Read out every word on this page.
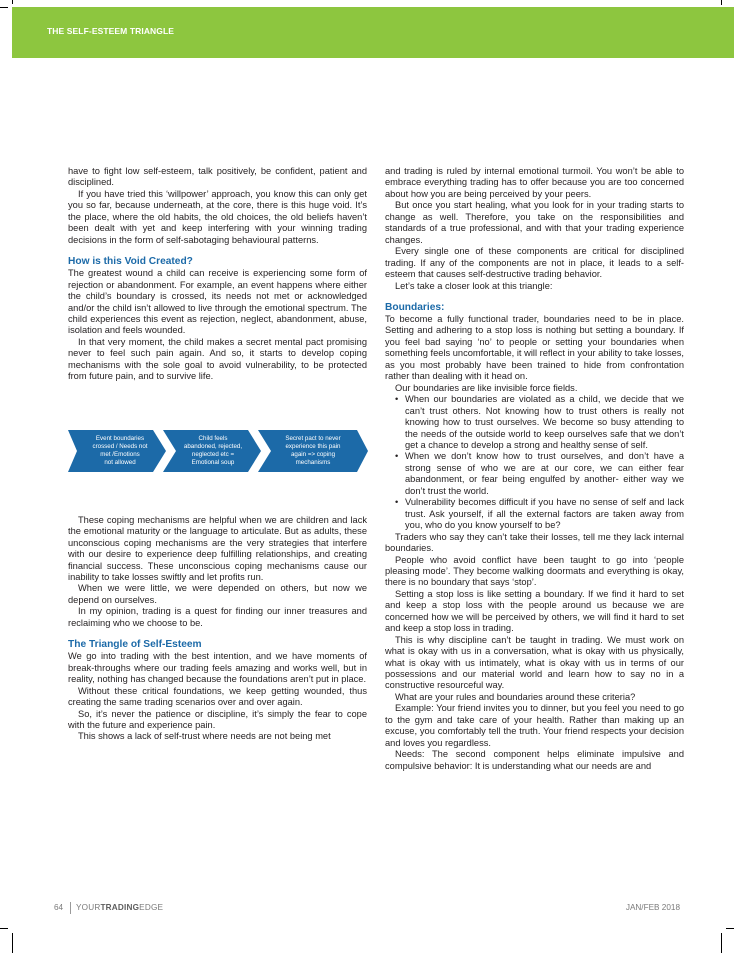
THE SELF-ESTEEM TRIANGLE

have to fight low self-esteem, talk positively, be confident, patient and disciplined.

If you have tried this ‘willpower’ approach, you know this can only get you so far, because underneath, at the core, there is this huge void. It’s the place, where the old habits, the old choices, the old beliefs haven’t been dealt with yet and keep interfering with your winning trading decisions in the form of self-sabotaging behavioural patterns.

How is this Void Created?

The greatest wound a child can receive is experiencing some form of rejection or abandonment. For example, an event happens where either the child’s boundary is crossed, its needs not met or acknowledged and/or the child isn’t allowed to live through the emotional spectrum. The child experiences this event as rejection, neglect, abandonment, abuse, isolation and feels wounded.

In that very moment, the child makes a secret mental pact promising never to feel such pain again. And so, it starts to develop coping mechanisms with the sole goal to avoid vulnerability, to be protected from future pain, and to survive life.

Event boundaries
crossed / Needs not
met /Emotions
not allowed
Child feels
abandoned, rejected,
neglected etc =
Emotional soup
Secret pact to never
experience this pain
again => coping
mechanisms

These coping mechanisms are helpful when we are children and lack the emotional maturity or the language to articulate. But as adults, these unconscious coping mechanisms are the very strategies that interfere with our desire to experience deep fulfilling relationships, and creating financial success. These unconscious coping mechanisms cause our inability to take losses swiftly and let profits run.

When we were little, we were depended on others, but now we depend on ourselves.

In my opinion, trading is a quest for finding our inner treasures and reclaiming who we choose to be.

The Triangle of Self-Esteem

We go into trading with the best intention, and we have moments of break-throughs where our trading feels amazing and works well, but in reality, nothing has changed because the foundations aren’t put in place.

Without these critical foundations, we keep getting wounded, thus creating the same trading scenarios over and over again.

So, it’s never the patience or discipline, it’s simply the fear to cope with the future and experience pain.

This shows a lack of self-trust where needs are not being met

and trading is ruled by internal emotional turmoil. You won’t be able to embrace everything trading has to offer because you are too concerned about how you are being perceived by your peers.

But once you start healing, what you look for in your trading starts to change as well. Therefore, you take on the responsibilities and standards of a true professional, and with that your trading experience changes.

Every single one of these components are critical for disciplined trading. If any of the components are not in place, it leads to a self-esteem that causes self-destructive trading behavior.

Let’s take a closer look at this triangle:

Boundaries:

To become a fully functional trader, boundaries need to be in place. Setting and adhering to a stop loss is nothing but setting a boundary. If you feel bad saying ‘no’ to people or setting your boundaries when something feels uncomfortable, it will reflect in your ability to take losses, as you most probably have been trained to hide from confrontation rather than dealing with it head on.

Our boundaries are like invisible force fields.

• When our boundaries are violated as a child, we decide that we can’t trust others. Not knowing how to trust others is really not knowing how to trust ourselves. We become so busy attending to the needs of the outside world to keep ourselves safe that we don’t get a chance to develop a strong and healthy sense of self.
• When we don’t know how to trust ourselves, and don’t have a strong sense of who we are at our core, we can either fear abandonment, or fear being engulfed by another- either way we don’t trust the world.
• Vulnerability becomes difficult if you have no sense of self and lack trust. Ask yourself, if all the external factors are taken away from you, who do you know yourself to be?

Traders who say they can’t take their losses, tell me they lack internal boundaries.

People who avoid conflict have been taught to go into ‘people pleasing mode’. They become walking doormats and everything is okay, there is no boundary that says ‘stop’.

Setting a stop loss is like setting a boundary. If we find it hard to set and keep a stop loss with the people around us because we are concerned how we will be perceived by others, we will find it hard to set and keep a stop loss in trading.

This is why discipline can’t be taught in trading. We must work on what is okay with us in a conversation, what is okay with us physically, what is okay with us intimately, what is okay with us in terms of our possessions and our material world and learn how to say no in a constructive resourceful way.

What are your rules and boundaries around these criteria?

Example: Your friend invites you to dinner, but you feel you need to go to the gym and take care of your health. Rather than making up an excuse, you comfortably tell the truth. Your friend respects your decision and loves you regardless.

Needs: The second component helps eliminate impulsive and compulsive behavior: It is understanding what our needs are and

64 YOURTRADINGEDGE	JAN/FEB 2018
